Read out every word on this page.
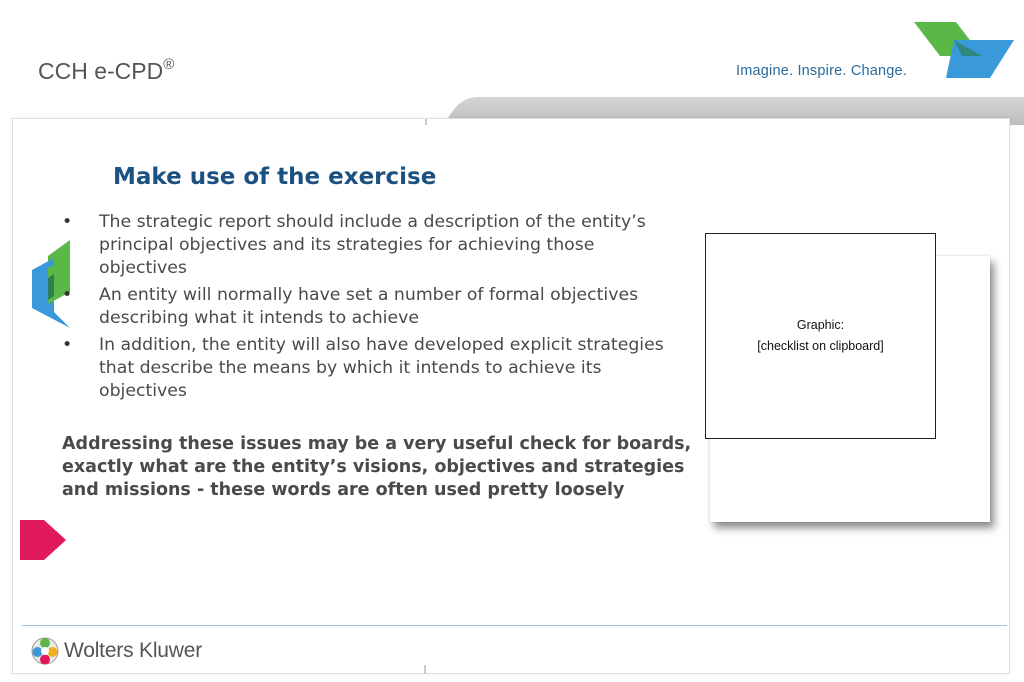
CCH e-CPD®	Imagine. Inspire. Change.
Make use of the exercise
•	The strategic report should include a description of the entity’s principal objectives and its strategies for achieving those objectives
•	An entity will normally have set a number of formal objectives describing what it intends to achieve
•	In addition, the entity will also have developed explicit strategies that describe the means by which it intends to achieve its objectives
Addressing these issues may be a very useful check for boards, exactly what are the entity’s visions, objectives and strategies and missions - these words are often used pretty loosely
Graphic:
[checklist on clipboard]
Wolters Kluwer
